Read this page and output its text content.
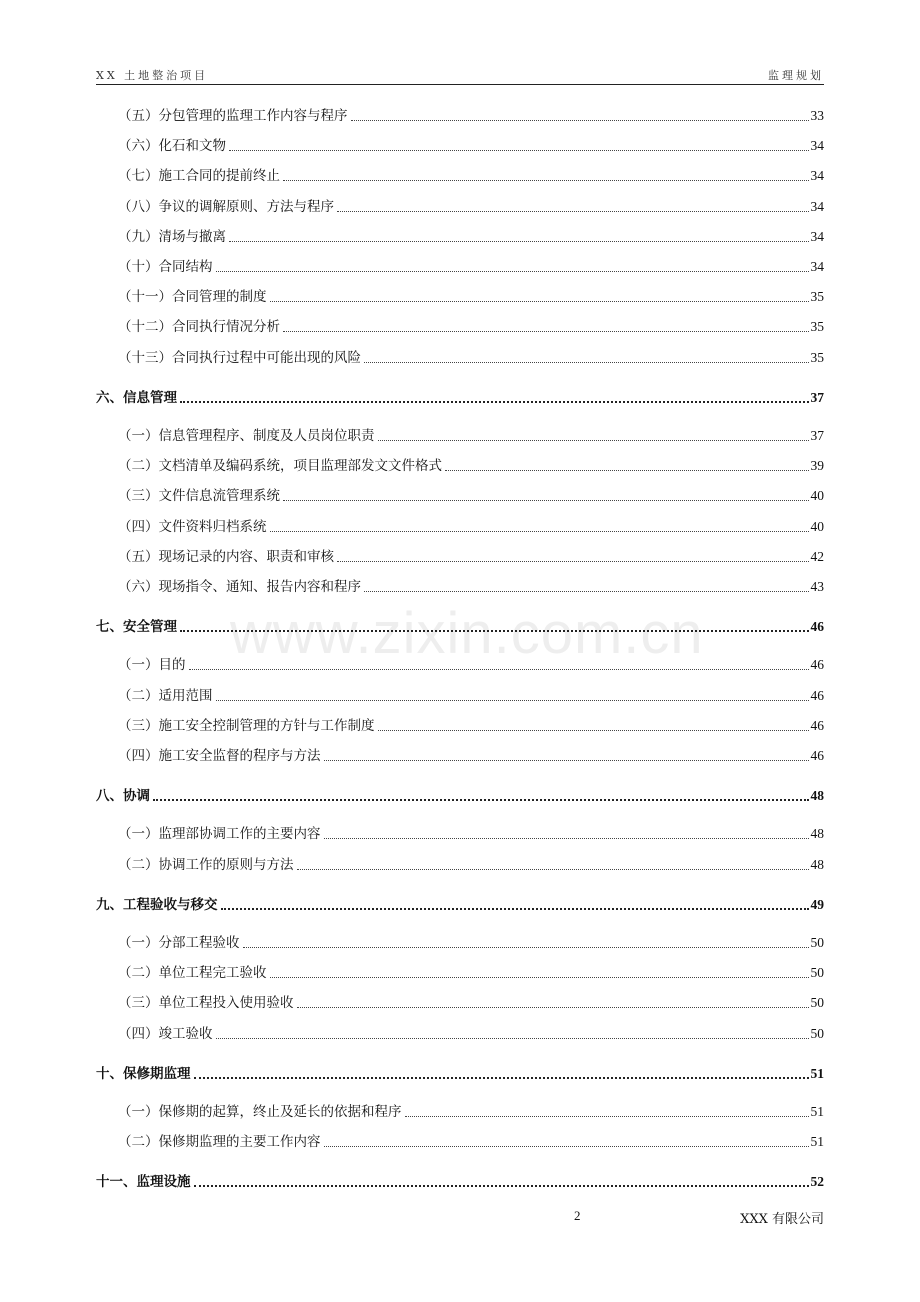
XX 土地整治项目	监理规划
www.zixin.com.cn
（五）分包管理的监理工作内容与程序	33
（六）化石和文物	34
（七）施工合同的提前终止	34
（八）争议的调解原则、方法与程序	34
（九）清场与撤离	34
（十）合同结构	34
（十一）合同管理的制度	35
（十二）合同执行情况分析	35
（十三）合同执行过程中可能出现的风险	35
六、信息管理	37
（一）信息管理程序、制度及人员岗位职责	37
（二）文档清单及编码系统，项目监理部发文文件格式	39
（三）文件信息流管理系统	40
（四）文件资料归档系统	40
（五）现场记录的内容、职责和审核	42
（六）现场指令、通知、报告内容和程序	43
七、安全管理	46
（一）目的	46
（二）适用范围	46
（三）施工安全控制管理的方针与工作制度	46
（四）施工安全监督的程序与方法	46
八、协调	48
（一）监理部协调工作的主要内容	48
（二）协调工作的原则与方法	48
九、工程验收与移交	49
（一）分部工程验收	50
（二）单位工程完工验收	50
（三）单位工程投入使用验收	50
（四）竣工验收	50
十、保修期监理	51
（一）保修期的起算，终止及延长的依据和程序	51
（二）保修期监理的主要工作内容	51
十一、监理设施	52
2	XXX 有限公司
